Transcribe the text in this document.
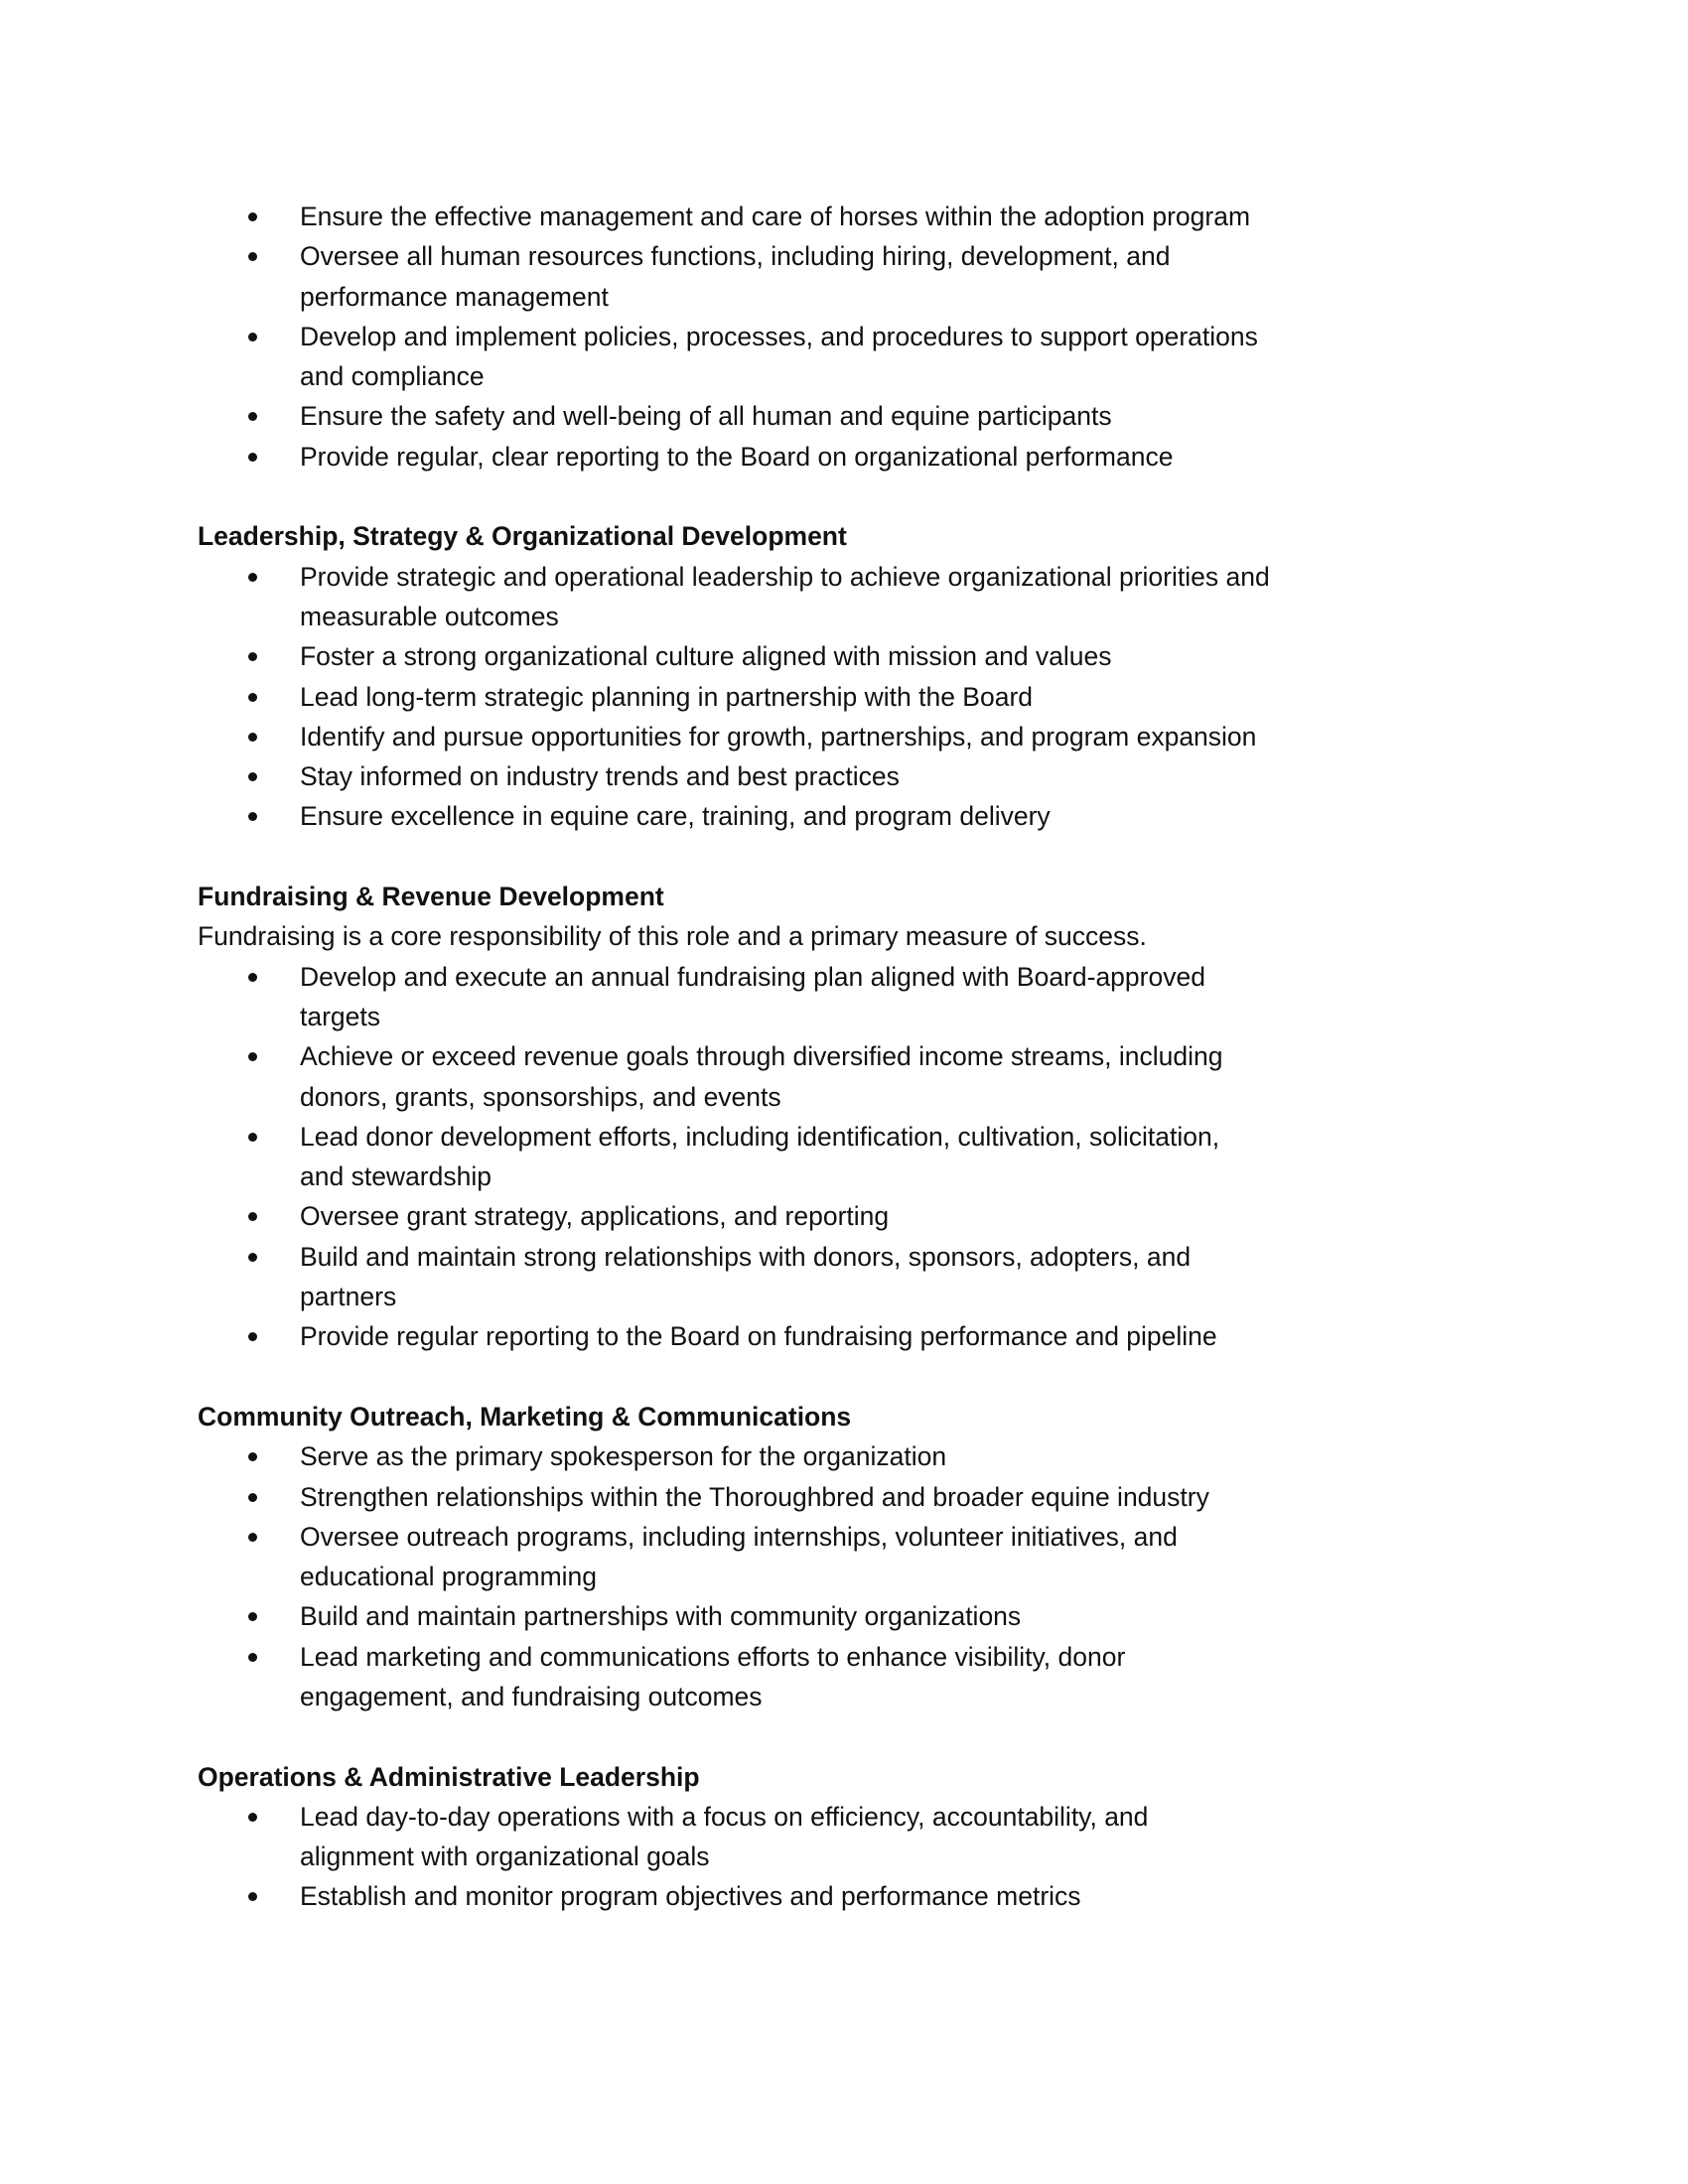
Ensure the effective management and care of horses within the adoption program
Oversee all human resources functions, including hiring, development, and
performance management
Develop and implement policies, processes, and procedures to support operations
and compliance
Ensure the safety and well-being of all human and equine participants
Provide regular, clear reporting to the Board on organizational performance
Leadership, Strategy & Organizational Development
Provide strategic and operational leadership to achieve organizational priorities and
measurable outcomes
Foster a strong organizational culture aligned with mission and values
Lead long-term strategic planning in partnership with the Board
Identify and pursue opportunities for growth, partnerships, and program expansion
Stay informed on industry trends and best practices
Ensure excellence in equine care, training, and program delivery
Fundraising & Revenue Development
Fundraising is a core responsibility of this role and a primary measure of success.
Develop and execute an annual fundraising plan aligned with Board-approved
targets
Achieve or exceed revenue goals through diversified income streams, including
donors, grants, sponsorships, and events
Lead donor development efforts, including identification, cultivation, solicitation,
and stewardship
Oversee grant strategy, applications, and reporting
Build and maintain strong relationships with donors, sponsors, adopters, and
partners
Provide regular reporting to the Board on fundraising performance and pipeline
Community Outreach, Marketing & Communications
Serve as the primary spokesperson for the organization
Strengthen relationships within the Thoroughbred and broader equine industry
Oversee outreach programs, including internships, volunteer initiatives, and
educational programming
Build and maintain partnerships with community organizations
Lead marketing and communications efforts to enhance visibility, donor
engagement, and fundraising outcomes
Operations & Administrative Leadership
Lead day-to-day operations with a focus on efficiency, accountability, and
alignment with organizational goals
Establish and monitor program objectives and performance metrics
